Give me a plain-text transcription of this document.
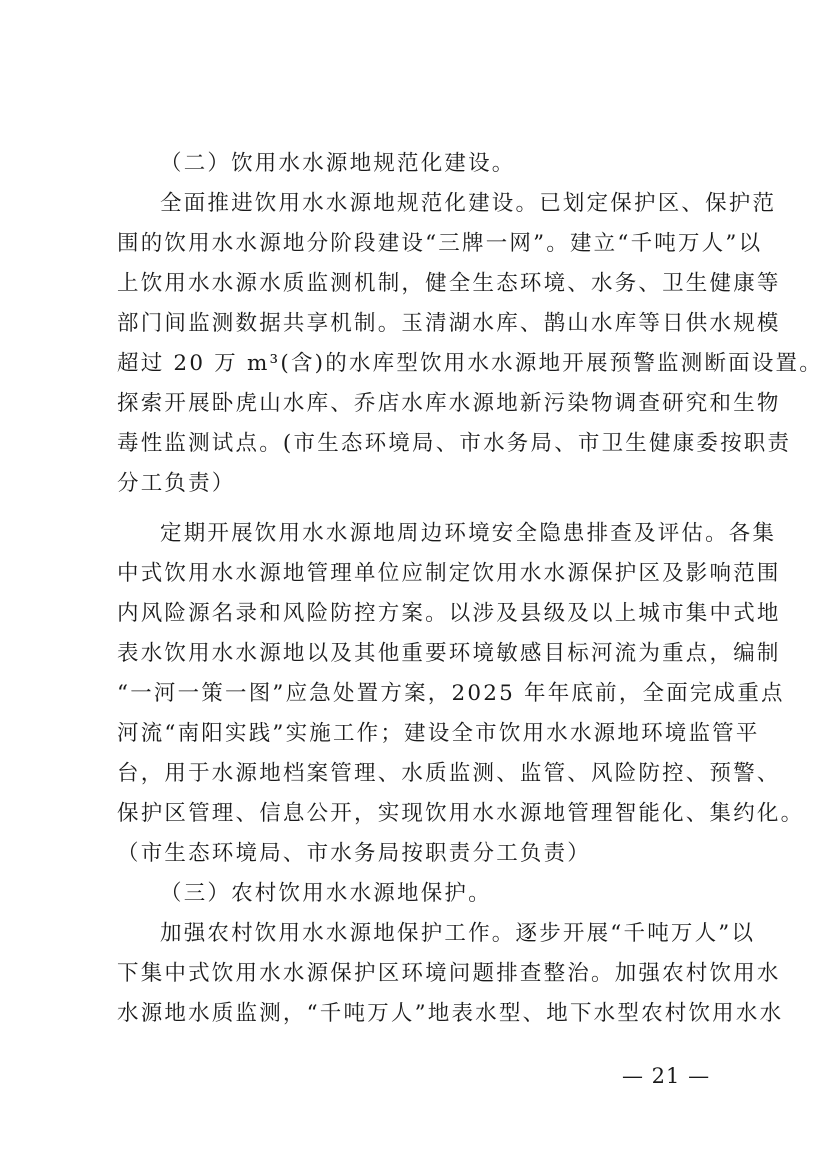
（二）饮用水水源地规范化建设。
全面推进饮用水水源地规范化建设。已划定保护区、保护范
围的饮用水水源地分阶段建设“三牌一网”。建立“千吨万人”以
上饮用水水源水质监测机制，健全生态环境、水务、卫生健康等
部门间监测数据共享机制。玉清湖水库、鹊山水库等日供水规模
超过 20 万 m³(含)的水库型饮用水水源地开展预警监测断面设置。
探索开展卧虎山水库、乔店水库水源地新污染物调查研究和生物
毒性监测试点。(市生态环境局、市水务局、市卫生健康委按职责
分工负责）
定期开展饮用水水源地周边环境安全隐患排查及评估。各集
中式饮用水水源地管理单位应制定饮用水水源保护区及影响范围
内风险源名录和风险防控方案。以涉及县级及以上城市集中式地
表水饮用水水源地以及其他重要环境敏感目标河流为重点，编制
“一河一策一图”应急处置方案，2025 年年底前，全面完成重点
河流“南阳实践”实施工作；建设全市饮用水水源地环境监管平
台，用于水源地档案管理、水质监测、监管、风险防控、预警、
保护区管理、信息公开，实现饮用水水源地管理智能化、集约化。
（市生态环境局、市水务局按职责分工负责）
（三）农村饮用水水源地保护。
加强农村饮用水水源地保护工作。逐步开展“千吨万人”以
下集中式饮用水水源保护区环境问题排查整治。加强农村饮用水
水源地水质监测，“千吨万人”地表水型、地下水型农村饮用水水
— 21 —
